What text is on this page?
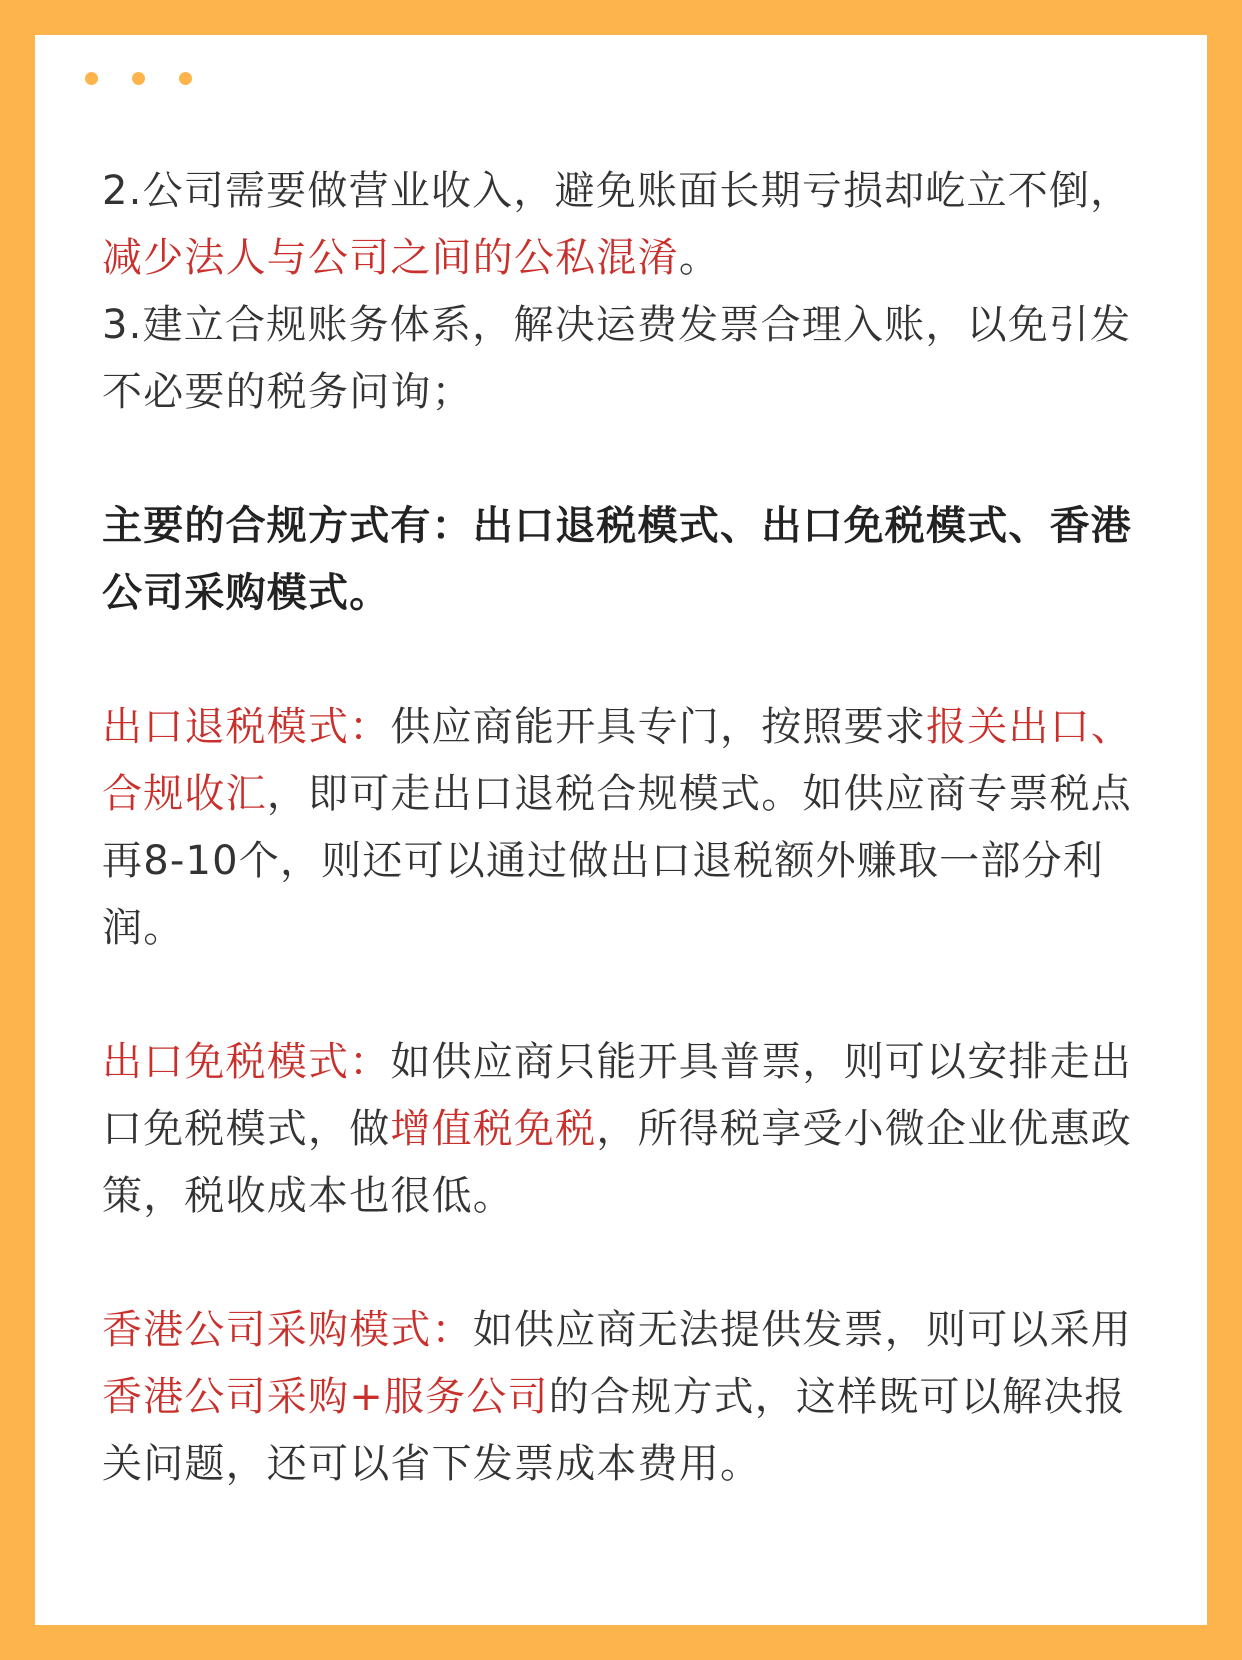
2.公司需要做营业收入，避免账面长期亏损却屹立不倒，减少法人与公司之间的公私混淆。

3.建立合规账务体系，解决运费发票合理入账，以免引发不必要的税务问询；

主要的合规方式有：出口退税模式、出口免税模式、香港公司采购模式。

出口退税模式：供应商能开具专门，按照要求报关出口、合规收汇，即可走出口退税合规模式。如供应商专票税点再8-10个，则还可以通过做出口退税额外赚取一部分利润。

出口免税模式：如供应商只能开具普票，则可以安排走出口免税模式，做增值税免税，所得税享受小微企业优惠政策，税收成本也很低。

香港公司采购模式：如供应商无法提供发票，则可以采用香港公司采购+服务公司的合规方式，这样既可以解决报关问题，还可以省下发票成本费用。
